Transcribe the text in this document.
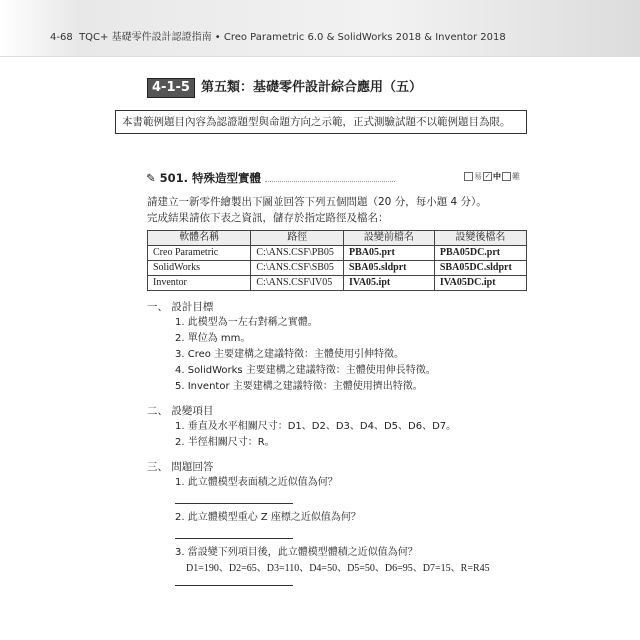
4-68 TQC+ 基礎零件設計認證指南 • Creo Parametric 6.0 & SolidWorks 2018 & Inventor 2018
4-1-5 第五類：基礎零件設計綜合應用（五）
本書範例題目內容為認證題型與命題方向之示範，正式測驗試題不以範例題目為限。
✎ 501. 特殊造型實體	易 ✓ 中 難
請建立一新零件繪製出下圖並回答下列五個問題（20 分，每小題 4 分）。
完成結果請依下表之資訊，儲存於指定路徑及檔名：
軟體名稱	路徑	設變前檔名	設變後檔名
Creo Parametric	C:\ANS.CSF\PB05	PBA05.prt	PBA05DC.prt
SolidWorks	C:\ANS.CSF\SB05	SBA05.sldprt	SBA05DC.sldprt
Inventor	C:\ANS.CSF\IV05	IVA05.ipt	IVA05DC.ipt
一、 設計目標
1. 此模型為一左右對稱之實體。
2. 單位為 mm。
3. Creo 主要建構之建議特徵：主體使用引伸特徵。
4. SolidWorks 主要建構之建議特徵：主體使用伸長特徵。
5. Inventor 主要建構之建議特徵：主體使用擠出特徵。
二、 設變項目
1. 垂直及水平相關尺寸：D1、D2、D3、D4、D5、D6、D7。
2. 半徑相關尺寸：R。
三、 問題回答
1. 此立體模型表面積之近似值為何？
2. 此立體模型重心 Z 座標之近似值為何？
3. 當設變下列項目後，此立體模型體積之近似值為何？
D1=190、D2=65、D3=110、D4=50、D5=50、D6=95、D7=15、R=R45
